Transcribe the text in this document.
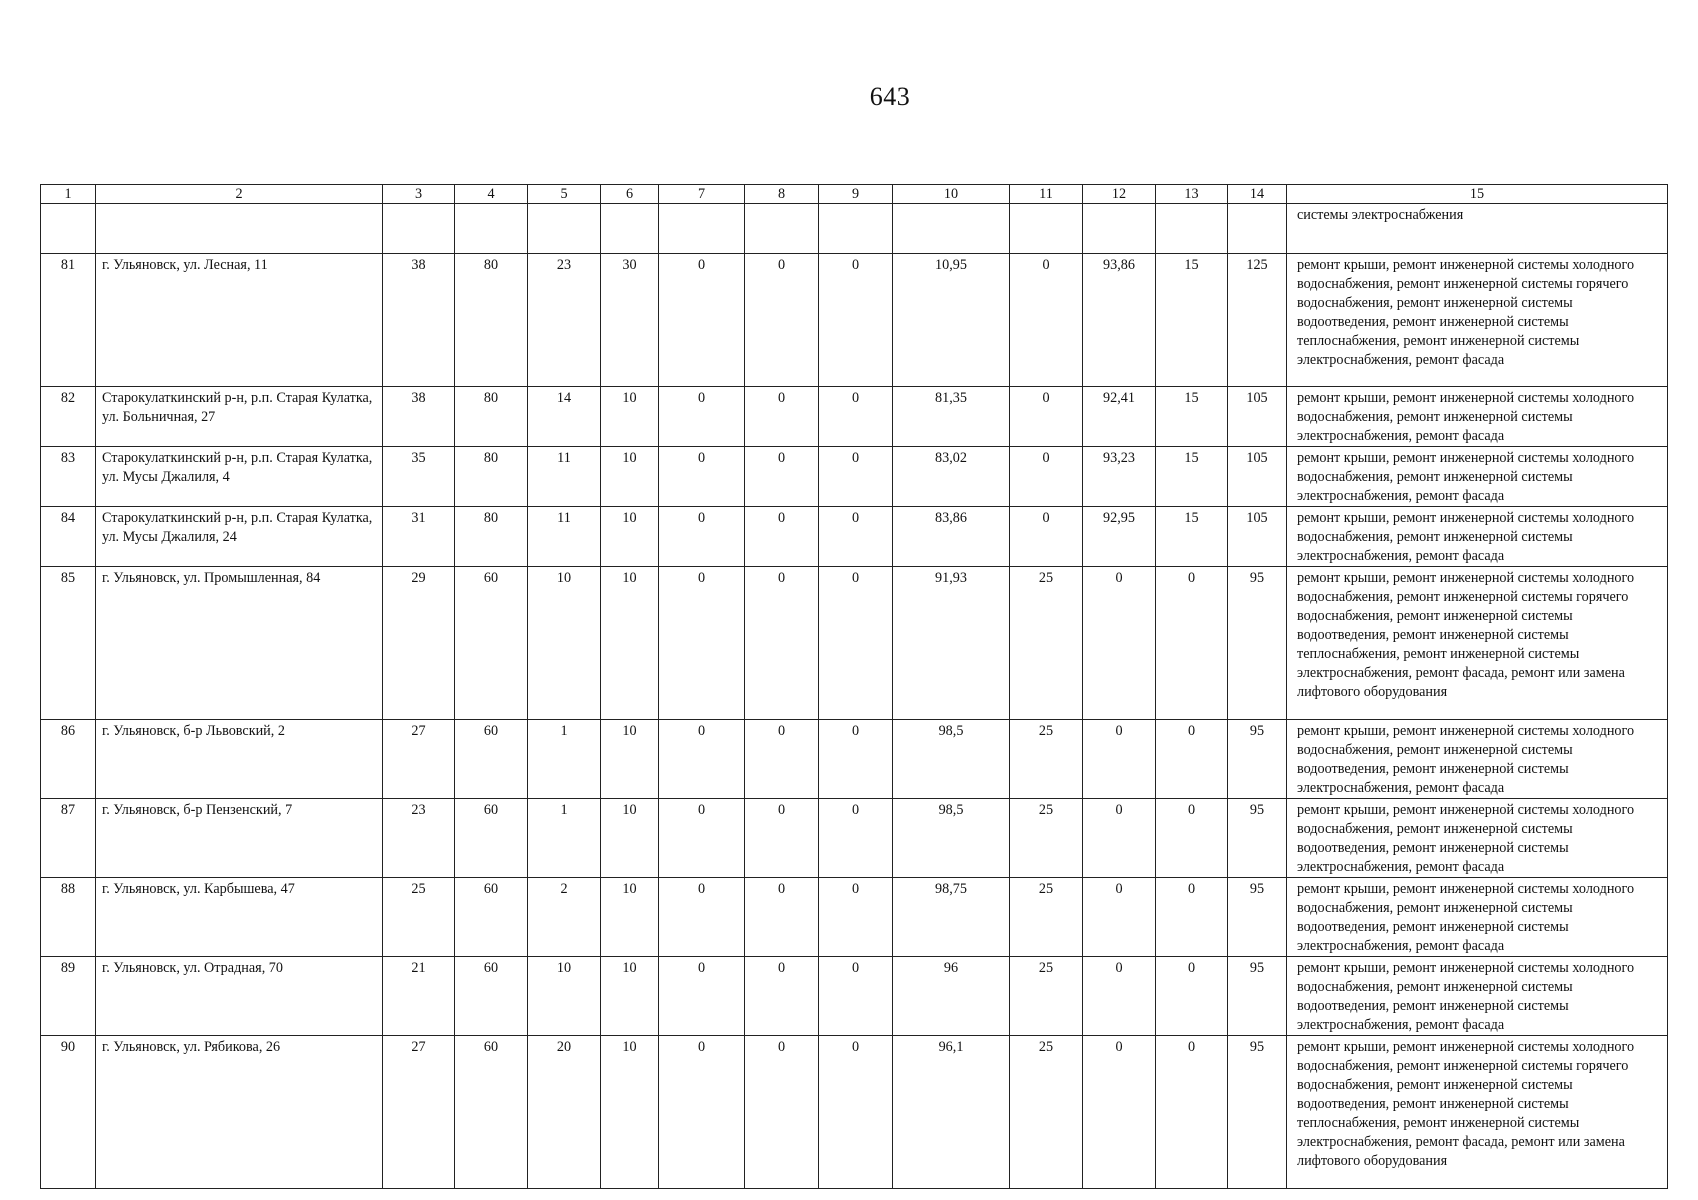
643
1	2	3	4	5	6	7	8	9	10	11	12	13	14	15
														системы электроснабжения
81	г. Ульяновск, ул. Лесная, 11	38	80	23	30	0	0	0	10,95	0	93,86	15	125	ремонт крыши, ремонт инженерной системы холодного водоснабжения, ремонт инженерной системы горячего водоснабжения, ремонт инженерной системы водоотведения, ремонт инженерной системы теплоснабжения, ремонт инженерной системы электроснабжения, ремонт фасада
82	Старокулаткинский р-н, р.п. Старая Кулатка, ул. Больничная, 27	38	80	14	10	0	0	0	81,35	0	92,41	15	105	ремонт крыши, ремонт инженерной системы холодного водоснабжения, ремонт инженерной системы электроснабжения, ремонт фасада
83	Старокулаткинский р-н, р.п. Старая Кулатка, ул. Мусы Джалиля, 4	35	80	11	10	0	0	0	83,02	0	93,23	15	105	ремонт крыши, ремонт инженерной системы холодного водоснабжения, ремонт инженерной системы электроснабжения, ремонт фасада
84	Старокулаткинский р-н, р.п. Старая Кулатка, ул. Мусы Джалиля, 24	31	80	11	10	0	0	0	83,86	0	92,95	15	105	ремонт крыши, ремонт инженерной системы холодного водоснабжения, ремонт инженерной системы электроснабжения, ремонт фасада
85	г. Ульяновск, ул. Промышленная, 84	29	60	10	10	0	0	0	91,93	25	0	0	95	ремонт крыши, ремонт инженерной системы холодного водоснабжения, ремонт инженерной системы горячего водоснабжения, ремонт инженерной системы водоотведения, ремонт инженерной системы теплоснабжения, ремонт инженерной системы электроснабжения, ремонт фасада, ремонт или замена лифтового оборудования
86	г. Ульяновск, б-р Львовский, 2	27	60	1	10	0	0	0	98,5	25	0	0	95	ремонт крыши, ремонт инженерной системы холодного водоснабжения, ремонт инженерной системы водоотведения, ремонт инженерной системы электроснабжения, ремонт фасада
87	г. Ульяновск, б-р Пензенский, 7	23	60	1	10	0	0	0	98,5	25	0	0	95	ремонт крыши, ремонт инженерной системы холодного водоснабжения, ремонт инженерной системы водоотведения, ремонт инженерной системы электроснабжения, ремонт фасада
88	г. Ульяновск, ул. Карбышева, 47	25	60	2	10	0	0	0	98,75	25	0	0	95	ремонт крыши, ремонт инженерной системы холодного водоснабжения, ремонт инженерной системы водоотведения, ремонт инженерной системы электроснабжения, ремонт фасада
89	г. Ульяновск, ул. Отрадная, 70	21	60	10	10	0	0	0	96	25	0	0	95	ремонт крыши, ремонт инженерной системы холодного водоснабжения, ремонт инженерной системы водоотведения, ремонт инженерной системы электроснабжения, ремонт фасада
90	г. Ульяновск, ул. Рябикова, 26	27	60	20	10	0	0	0	96,1	25	0	0	95	ремонт крыши, ремонт инженерной системы холодного водоснабжения, ремонт инженерной системы горячего водоснабжения, ремонт инженерной системы водоотведения, ремонт инженерной системы теплоснабжения, ремонт инженерной системы электроснабжения, ремонт фасада, ремонт или замена лифтового оборудования
